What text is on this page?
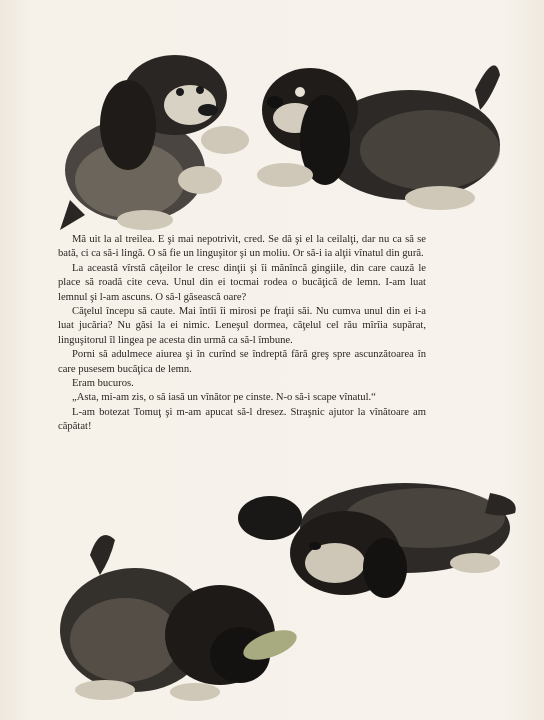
Mă uit la al treilea. E şi mai nepotrivit, cred. Se dă şi el la ceilalţi, dar nu ca să se bată, ci ca să-i lingă. O să fie un linguşitor şi un moliu. Or să-i ia alţii vînatul din gură.

La această vîrstă căţeilor le cresc dinţii şi îi mănîncă gingiile, din care cauză le place să roadă cite ceva. Unul din ei tocmai rodea o bucăţică de lemn. I-am luat lemnul şi l-am ascuns. O să-l găsească oare?

Căţelul începu să caute. Mai întîi îi mirosi pe fraţii săi. Nu cumva unul din ei i-a luat jucăria? Nu găsi la ei nimic. Leneşul dormea, căţelul cel rău mîrîia supărat, linguşitorul îl lingea pe acesta din urmă ca să-l îmbune.

Porni să adulmece aiurea şi în curînd se îndreptă fără greş spre ascunzătoarea în care pusesem bucăţica de lemn.

Eram bucuros.

„Asta, mi-am zis, o să iasă un vînător pe cinste. N-o să-i scape vînatul.“

L-am botezat Tomuţ şi m-am apucat să-l dresez. Straşnic ajutor la vînătoare am căpătat!
